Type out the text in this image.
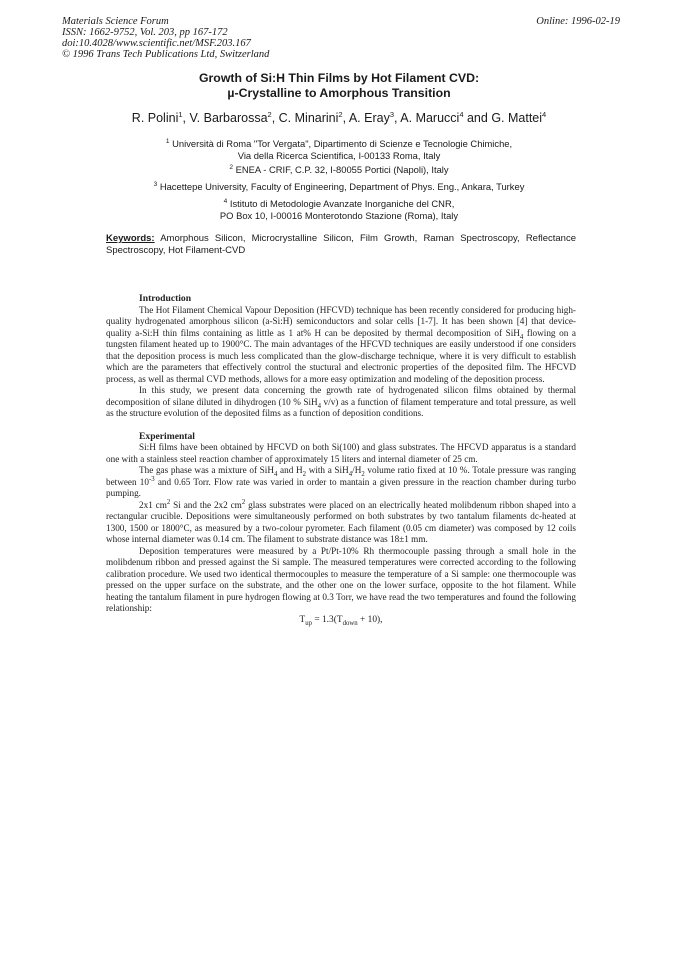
Materials Science Forum
ISSN: 1662-9752, Vol. 203, pp 167-172
doi:10.4028/www.scientific.net/MSF.203.167
© 1996 Trans Tech Publications Ltd, Switzerland
Online: 1996-02-19
Growth of Si:H Thin Films by Hot Filament CVD:
µ-Crystalline to Amorphous Transition
R. Polini$^1$, V. Barbarossa$^2$, C. Minarini$^2$, A. Eray$^3$, A. Marucci$^4$ and G. Mattei$^4$
$^1$ Università di Roma "Tor Vergata", Dipartimento di Scienze e Tecnologie Chimiche,
Via della Ricerca Scientifica, I-00133 Roma, Italy
$^2$ ENEA - CRIF, C.P. 32, I-80055 Portici (Napoli), Italy
$^3$ Hacettepe University, Faculty of Engineering, Department of Phys. Eng., Ankara, Turkey
$^4$ Istituto di Metodologie Avanzate Inorganiche del CNR,
PO Box 10, I-00016 Monterotondo Stazione (Roma), Italy
Keywords: Amorphous Silicon, Microcrystalline Silicon, Film Growth, Raman Spectroscopy, Reflectance Spectroscopy, Hot Filament-CVD

Introduction

The Hot Filament Chemical Vapour Deposition (HFCVD) technique has been recently considered for producing high-quality hydrogenated amorphous silicon (a-Si:H) semiconductors and solar cells [1-7]. It has been shown [4] that device-quality a-Si:H thin films containing as little as 1 at% H can be deposited by thermal decomposition of SiH$_4$ flowing on a tungsten filament heated up to 1900°C. The main advantages of the HFCVD techniques are easily understood if one considers that the deposition process is much less complicated than the glow-discharge technique, where it is very difficult to establish which are the parameters that effectively control the stuctural and electronic properties of the deposited film. The HFCVD process, as well as thermal CVD methods, allows for a more easy optimization and modeling of the deposition process.

In this study, we present data concerning the growth rate of hydrogenated silicon films obtained by thermal decomposition of silane diluted in dihydrogen (10 % SiH$_4$ v/v) as a function of filament temperature and total pressure, as well as the structure evolution of the deposited films as a function of deposition conditions.

Experimental

Si:H films have been obtained by HFCVD on both Si(100) and glass substrates. The HFCVD apparatus is a standard one with a stainless steel reaction chamber of approximately 15 liters and internal diameter of 25 cm.

The gas phase was a mixture of SiH$_4$ and $H_2$ with a $SiH_4/H_2$ volume ratio fixed at 10 %. Totale pressure was ranging between $10^{-3}$ and 0.65 Torr. Flow rate was varied in order to mantain a given pressure in the reaction chamber during turbo pumping.

2x1 $cm^2$ Si and the 2x2 $cm^2$ glass substrates were placed on an electrically heated molibdenum ribbon shaped into a rectangular crucible. Depositions were simultaneously performed on both substrates by two tantalum filaments dc-heated at 1300, 1500 or 1800°C, as measured by a two-colour pyrometer. Each filament (0.05 cm diameter) was composed by 12 coils whose internal diameter was 0.14 cm. The filament to substrate distance was 18±1 mm.

Deposition temperatures were measured by a Pt/Pt-10% Rh thermocouple passing through a small hole in the molibdenum ribbon and pressed against the Si sample. The measured temperatures were corrected according to the following calibration procedure. We used two identical thermocouples to measure the temperature of a Si sample: one thermocouple was pressed on the upper surface on the substrate, and the other one on the lower surface, opposite to the hot filament. While heating the tantalum filament in pure hydrogen flowing at 0.3 Torr, we have read the two temperatures and found the following relationship:

$T_{up} = 1.3(T_{down} + 10)$,
